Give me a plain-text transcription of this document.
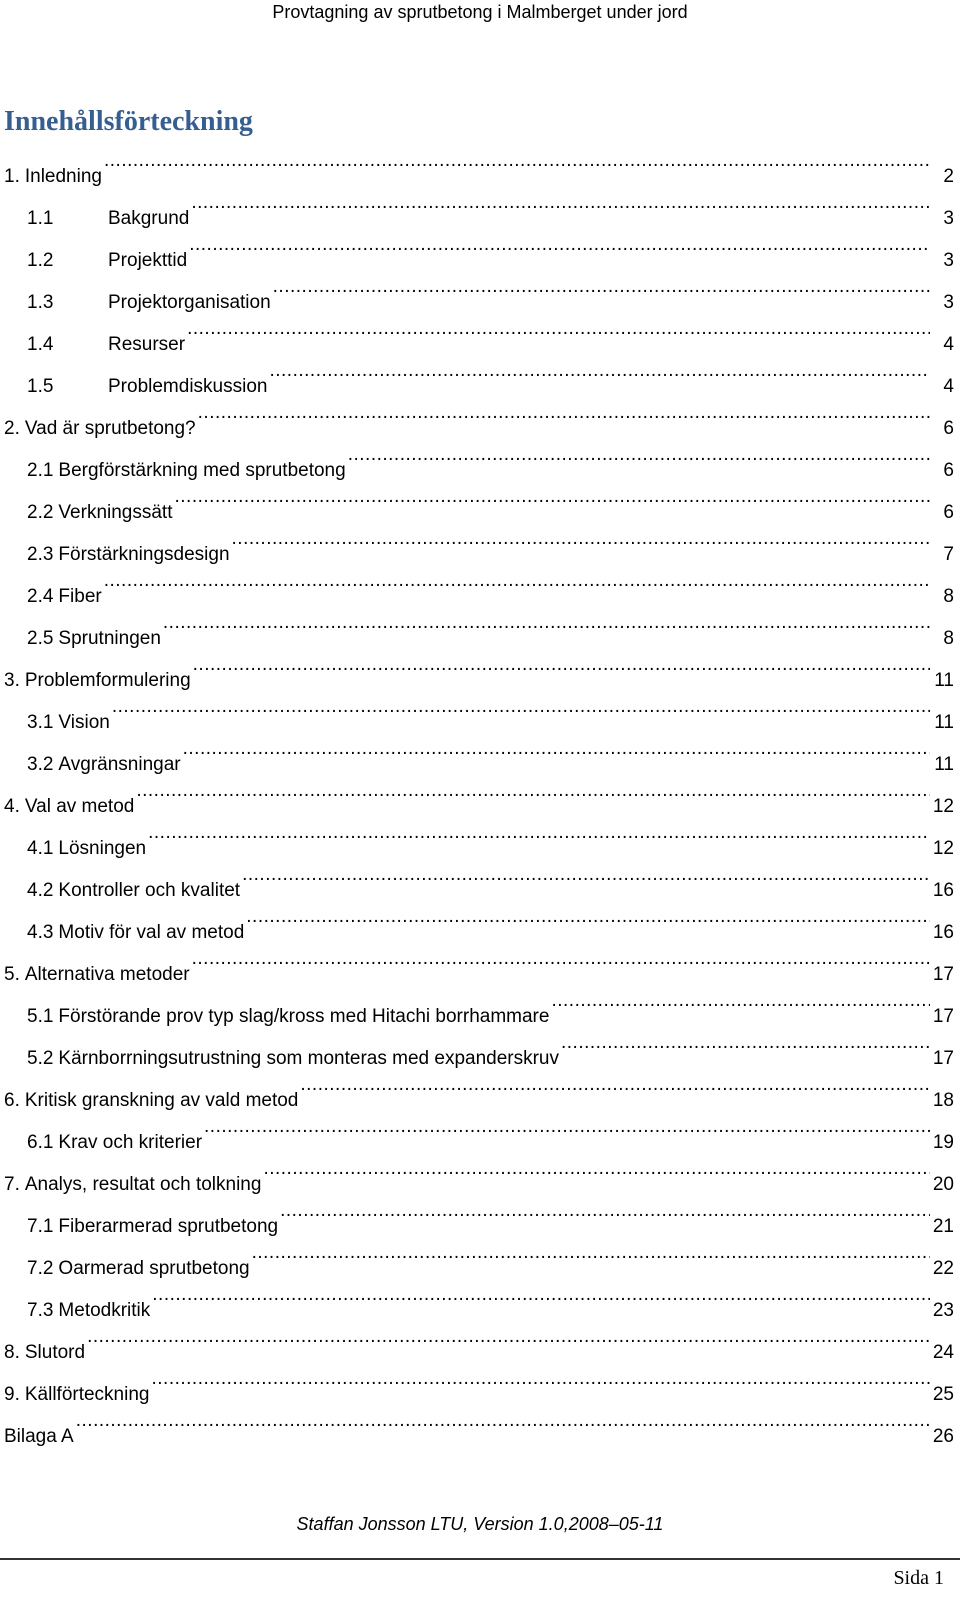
Provtagning av sprutbetong i Malmberget under jord
Innehållsförteckning
1. Inledning .....	2
1.1	Bakgrund .....	3
1.2	Projekttid .....	3
1.3	Projektorganisation .....	3
1.4	Resurser .....	4
1.5	Problemdiskussion .....	4
2. Vad är sprutbetong? .....	6
2.1 Bergförstärkning med sprutbetong .....	6
2.2 Verkningssätt .....	6
2.3 Förstärkningsdesign .....	7
2.4 Fiber .....	8
2.5 Sprutningen .....	8
3. Problemformulering .....	11
3.1 Vision .....	11
3.2 Avgränsningar .....	11
4. Val av metod .....	12
4.1 Lösningen .....	12
4.2 Kontroller och kvalitet .....	16
4.3 Motiv för val av metod .....	16
5. Alternativa metoder .....	17
5.1 Förstörande prov typ slag/kross med Hitachi borrhammare .....	17
5.2 Kärnborrningsutrustning som monteras med expanderskruv .....	17
6. Kritisk granskning av vald metod .....	18
6.1 Krav och kriterier .....	19
7. Analys, resultat och tolkning .....	20
7.1 Fiberarmerad sprutbetong .....	21
7.2 Oarmerad sprutbetong .....	22
7.3 Metodkritik .....	23
8. Slutord .....	24
9. Källförteckning .....	25
Bilaga A .....	26
Staffan Jonsson LTU, Version 1.0,2008–05-11
Sida 1
